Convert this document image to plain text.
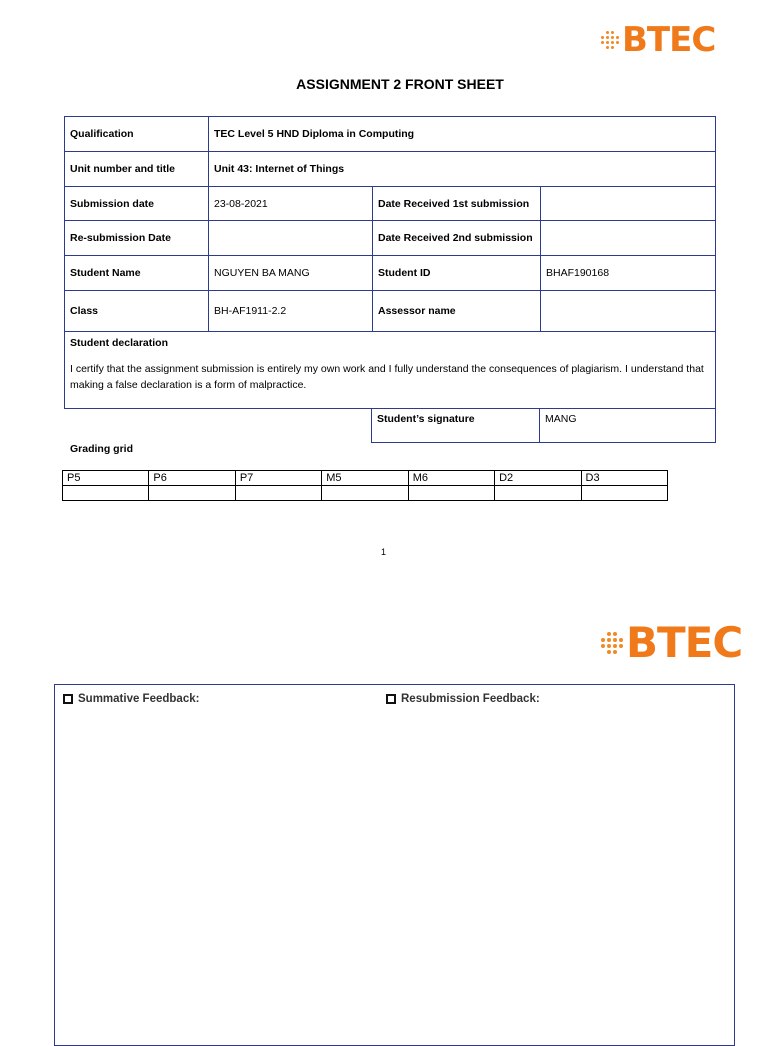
BTEC
ASSIGNMENT 2 FRONT SHEET
Qualification	TEC Level 5 HND Diploma in Computing		
Unit number and title	Unit 43: Internet of Things		
Submission date	23-08-2021	Date Received 1st submission	
Re-submission Date		Date Received 2nd submission	
Student Name	NGUYEN BA MANG	Student ID	BHAF190168
Class	BH-AF1911-2.2	Assessor name	

Student declaration
I certify that the assignment submission is entirely my own work and I fully understand the consequences of plagiarism. I understand that making a false declaration is a form of malpractice.			
Student’s signature	MANG
Grading grid
P5	P6	P7	M5	M6	D2	D3

1
BTEC
Summative Feedback:	Resubmission Feedback:
